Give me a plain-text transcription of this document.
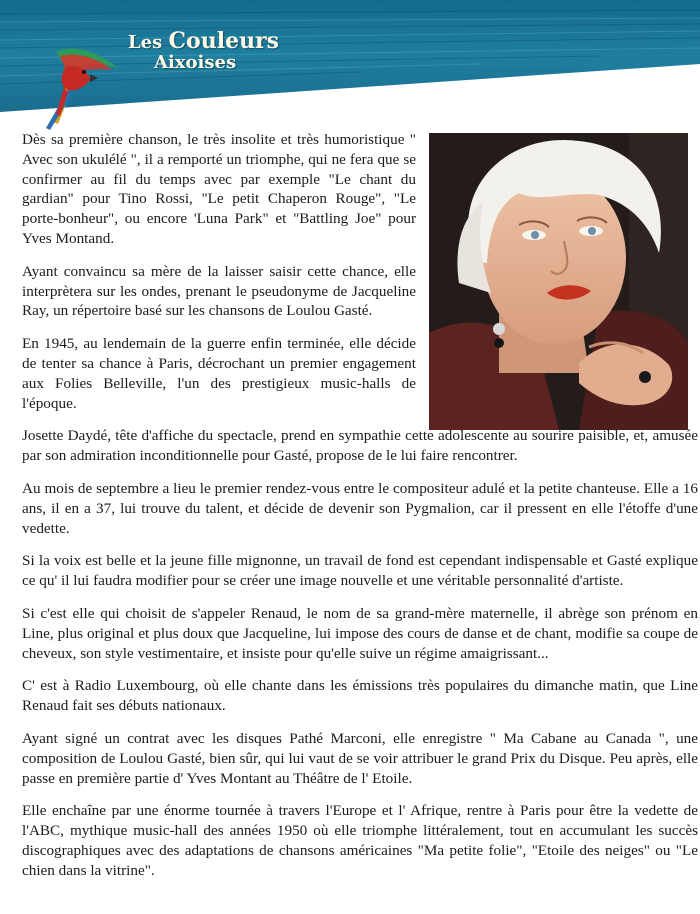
Les Couleurs
Aixoises

Dès sa première chanson, le très insolite et très humoristique " Avec son ukulélé ", il a remporté un triomphe, qui ne fera que se confirmer au fil du temps avec par exemple "Le chant du gardian" pour Tino Rossi, "Le petit Chaperon Rouge", "Le porte-bonheur", ou encore 'Luna Park" et "Battling Joe" pour Yves Montand.

Ayant convaincu sa mère de la laisser saisir cette chance, elle interprètera sur les ondes, prenant le pseudonyme de Jacqueline Ray, un répertoire basé sur les chansons de Loulou Gasté.

En 1945, au lendemain de la guerre enfin terminée, elle décide de tenter sa chance à Paris, décrochant un premier engagement aux Folies Belleville, l'un des prestigieux music-halls de l'époque.

Josette Daydé, tête d'affiche du spectacle, prend en sympathie cette adolescente au sourire paisible, et, amusée par son admiration inconditionnelle pour Gasté, propose de le lui faire rencontrer.

Au mois de septembre a lieu le premier rendez-vous entre le compositeur adulé et la petite chanteuse. Elle a 16 ans, il en a 37, lui trouve du talent, et décide de devenir son Pygmalion, car il pressent en elle l'étoffe d'une vedette.

Si la voix est belle et la jeune fille mignonne, un travail de fond est cependant indispensable et Gasté explique ce qu' il lui faudra modifier pour se créer une image nouvelle et une véritable personnalité d'artiste.

Si c'est elle qui choisit de s'appeler Renaud, le nom de sa grand-mère maternelle, il abrège son prénom en Line, plus original et plus doux que Jacqueline, lui impose des cours de danse et de chant, modifie sa coupe de cheveux, son style vestimentaire, et insiste pour qu'elle suive un régime amaigrissant...

C' est à Radio Luxembourg, où elle chante dans les émissions très populaires du dimanche matin, que Line Renaud fait ses débuts nationaux.

Ayant signé un contrat avec les disques Pathé Marconi, elle enregistre " Ma Cabane au Canada ", une composition de Loulou Gasté, bien sûr, qui lui vaut de se voir attribuer le grand Prix du Disque. Peu après, elle passe en première partie d' Yves Montant au Théâtre de l' Etoile.

Elle enchaîne par une énorme tournée à travers l'Europe et l' Afrique, rentre à Paris pour être la vedette de l'ABC, mythique music-hall des années 1950 où elle triomphe littéralement, tout en accumulant les succès discographiques avec des adaptations de chansons américaines "Ma petite folie", "Etoile des neiges" ou "Le chien dans la vitrine".
